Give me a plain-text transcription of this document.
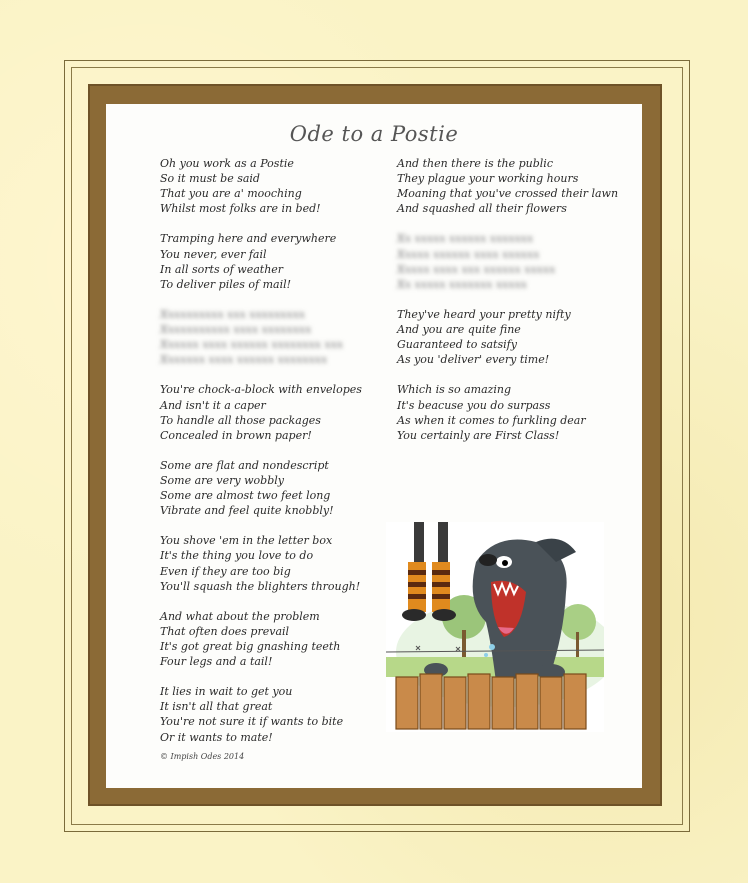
Ode to a Postie
Oh you work as a Postie
So it must be said
That you are a' mooching
Whilst most folks are in bed!
Tramping here and everywhere
You never, ever fail
In all sorts of weather
To deliver piles of mail!
Xxxxxxxxxx xxx xxxxxxxxx
Xxxxxxxxxxx xxxx xxxxxxxx
Xxxxxx xxxx xxxxxx xxxxxxxx xxx
Xxxxxxx xxxx xxxxxx xxxxxxxx
You're chock-a-block with envelopes
And isn't it a caper
To handle all those packages
Concealed in brown paper!
Some are flat and nondescript
Some are very wobbly
Some are almost two feet long
Vibrate and feel quite knobbly!
You shove 'em in the letter box
It's the thing you love to do
Even if they are too big
You'll squash the blighters through!
And what about the problem
That often does prevail
It's got great big gnashing teeth
Four legs and a tail!
It lies in wait to get you
It isn't all that great
You're not sure it if wants to bite
Or it wants to mate!
And then there is the public
They plague your working hours
Moaning that you've crossed their lawn
And squashed all their flowers
Xx xxxxx xxxxxx xxxxxxx
Xxxxx xxxxxx xxxx xxxxxx
Xxxxx xxxx xxx xxxxxx xxxxx
Xx xxxxx xxxxxxx xxxxx
They've heard your pretty nifty
And you are quite fine
Guaranteed to satsify
As you 'deliver' every time!
Which is so amazing
It's beacuse you do surpass
As when it comes to furkling dear
You certainly are First Class!
© Impish Odes 2014
